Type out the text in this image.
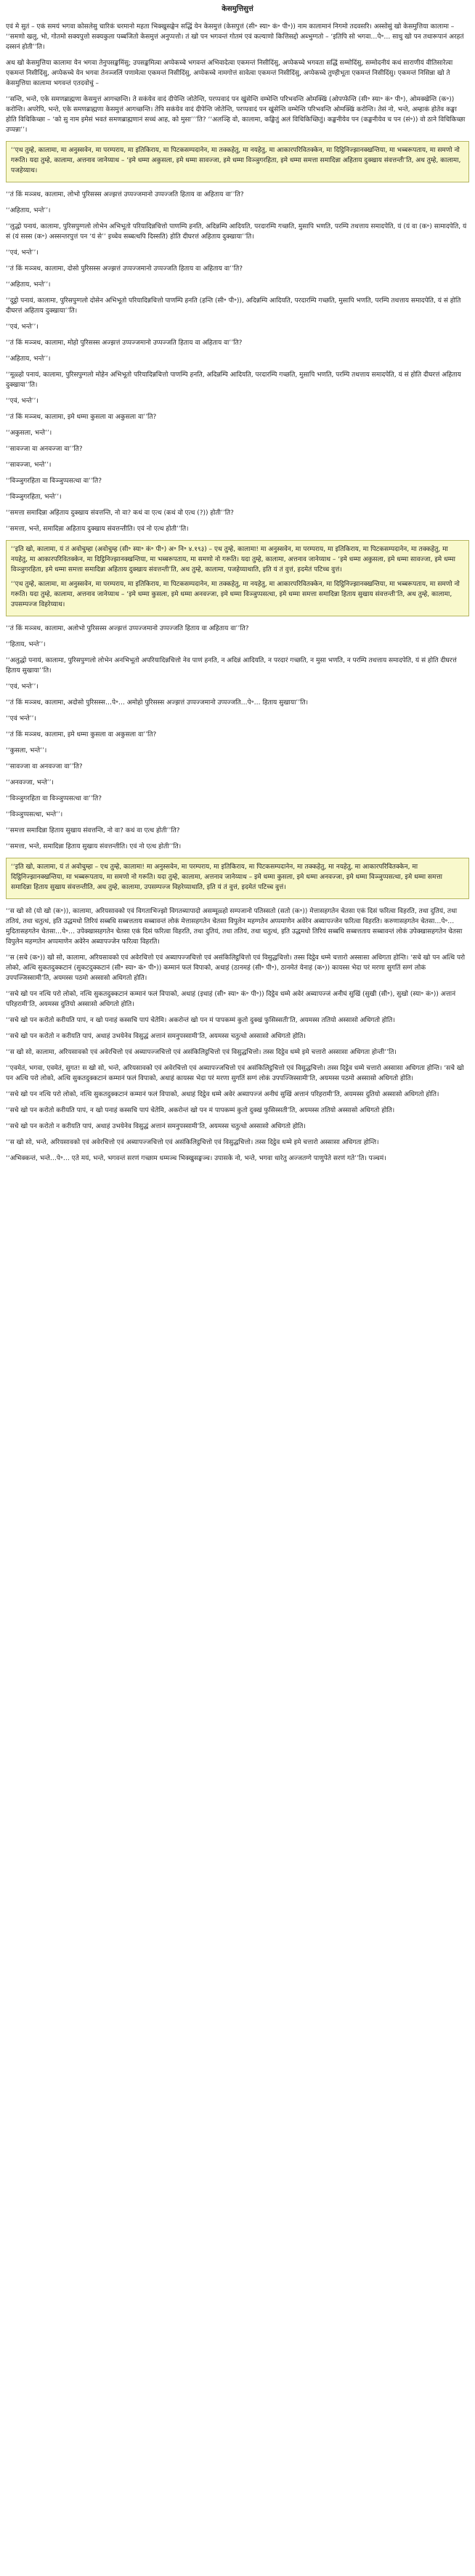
केसमुत्तिसुत्तं

एवं मे सुतं – एकं समयं भगवा कोसलेसु चारिकं चरमानो महता भिक्खुसङ्घेन सद्धिं येन केसमुत्तं (केसपुत्तं (सी॰ स्या॰ कं॰ पी॰)) नाम कालामानं निगमो तदवसरि। अस्सोसुं खो केसमुत्तिया कालामा – ‘‘समणो खलु, भो, गोतमो सक्यपुत्तो सक्यकुला पब्बजितो केसमुत्तं अनुप्पत्तो। तं खो पन भगवन्तं गोतमं एवं कल्याणो कित्तिसद्दो अब्भुग्गतो – ‘इतिपि सो भगवा…पे॰… साधु खो पन तथारूपानं अरहतं दस्सनं होती’’ति।

अथ खो केसमुत्तिया कालामा येन भगवा तेनुपसङ्कमिंसु; उपसङ्कमित्वा अप्पेकच्चे भगवन्तं अभिवादेत्वा एकमन्तं निसीदिंसु, अप्पेकच्चे भगवता सद्धिं सम्मोदिंसु, सम्मोदनीयं कथं साराणीयं वीतिसारेत्वा एकमन्तं निसीदिंसु, अप्पेकच्चे येन भगवा तेनञ्जलिं पणामेत्वा एकमन्तं निसीदिंसु, अप्पेकच्चे नामगोत्तं सावेत्वा एकमन्तं निसीदिंसु, अप्पेकच्चे तुण्हीभूता एकमन्तं निसीदिंसु। एकमन्तं निसिन्ना खो ते केसमुत्तिया कालामा भगवन्तं एतदवोचुं –

‘‘सन्ति, भन्ते, एके समणब्राह्मणा केसमुत्तं आगच्छन्ति। ते सकंयेव वादं दीपेन्ति जोतेन्ति, परप्पवादं पन खुंसेन्ति वम्भेन्ति परिभवन्ति ओमक्खिं (ओपप्फेन्ति (सी॰ स्या॰ कं॰ पी॰), ओमक्खेन्ति (क॰)) करोन्ति। अपरेपि, भन्ते, एके समणब्राह्मणा केसमुत्तं आगच्छन्ति। तेपि सकंयेव वादं दीपेन्ति जोतेन्ति, परप्पवादं पन खुंसेन्ति वम्भेन्ति परिभवन्ति ओमक्खिं करोन्ति। तेसं नो, भन्ते, अम्हाकं होतेव कङ्खा होति विचिकिच्छा – ‘को सु नाम इमेसं भवतं समणब्राह्मणानं सच्चं आह, को मुसा’’’ति? ‘‘अलञ्हि वो, कालामा, कङ्खितुं अलं विचिकिच्छितुं। कङ्खनीयेव पन (कङ्खनीयेव च पन (सं॰)) वो ठाने विचिकिच्छा उप्पन्ना’’।

‘‘एथ तुम्हे, कालामा, मा अनुस्सवेन, मा परम्पराय, मा इतिकिराय, मा पिटकसम्पदानेन, मा तक्कहेतु, मा नयहेतु, मा आकारपरिवितक्केन, मा दिट्ठिनिज्झानक्खन्तिया, मा भब्बरूपताय, मा समणो नो गरूति। यदा तुम्हे, कालामा, अत्तनाव जानेय्याथ – ‘इमे धम्मा अकुसला, इमे धम्मा सावज्जा, इमे धम्मा विञ्ञुगरहिता, इमे धम्मा समत्ता समादिन्ना अहिताय दुक्खाय संवत्तन्ती’ति, अथ तुम्हे, कालामा, पजहेय्याथ।

‘‘तं किं मञ्ञथ, कालामा, लोभो पुरिसस्स अज्झत्तं उप्पज्जमानो उप्पज्जति हिताय वा अहिताय वा’’ति?

‘‘अहिताय, भन्ते’’।

‘‘लुद्धो पनायं, कालामा, पुरिसपुग्गलो लोभेन अभिभूतो परियादिन्नचित्तो पाणम्पि हनति, अदिन्नम्पि आदियति, परदारम्पि गच्छति, मुसापि भणति, परम्पि तथत्ताय समादपेति, यं (यं वा (क॰) सामादपेति, यं सं (यं सस्स (क॰) अस्सन्तरपुत्तं पन ‘यं से’’ इच्चेव सब्बत्थपि दिस्सति) होति दीघरत्तं अहिताय दुक्खाया’’ति।

‘‘एवं, भन्ते’’।

‘‘तं किं मञ्ञथ, कालामा, दोसो पुरिसस्स अज्झत्तं उप्पज्जमानो उप्पज्जति हिताय वा अहिताय वा’’ति?

‘‘अहिताय, भन्ते’’।

‘‘दुट्ठो पनायं, कालामा, पुरिसपुग्गलो दोसेन अभिभूतो परियादिन्नचित्तो पाणम्पि हनति (हन्ति (सी॰ पी॰)), अदिन्नम्पि आदियति, परदारम्पि गच्छति, मुसापि भणति, परम्पि तथत्ताय समादपेति, यं सं होति दीघरत्तं अहिताय दुक्खाया’’ति।

‘‘एवं, भन्ते’’।

‘‘तं किं मञ्ञथ, कालामा, मोहो पुरिसस्स अज्झत्तं उप्पज्जमानो उप्पज्जति हिताय वा अहिताय वा’’ति?

‘‘अहिताय, भन्ते’’।

‘‘मूळ्हो पनायं, कालामा, पुरिसपुग्गलो मोहेन अभिभूतो परियादिन्नचित्तो पाणम्पि हनति, अदिन्नम्पि आदियति, परदारम्पि गच्छति, मुसापि भणति, परम्पि तथत्ताय समादपेति, यं सं होति दीघरत्तं अहिताय दुक्खाया’’ति।

‘‘एवं, भन्ते’’।

‘‘तं किं मञ्ञथ, कालामा, इमे धम्मा कुसला वा अकुसला वा’’ति?

‘‘अकुसला, भन्ते’’।

‘‘सावज्जा वा अनवज्जा वा’’ति?

‘‘सावज्जा, भन्ते’’।

‘‘विञ्ञुगरहिता वा विञ्ञुप्पसत्था वा’’ति?

‘‘विञ्ञुगरहिता, भन्ते’’।

‘‘समत्ता समादिन्ना अहिताय दुक्खाय संवत्तन्ति, नो वा? कथं वा एत्थ (कथं वो एत्थ (?)) होती’’ति?

‘‘समत्ता, भन्ते, समादिन्ना अहिताय दुक्खाय संवत्तन्तीति। एवं नो एत्थ होती’’ति।

‘‘इति खो, कालामा, यं तं अवोचुम्हा (अवोचुम्ह (सी॰ स्या॰ कं॰ पी॰) अ॰ नि॰ ४.१९३) – एथ तुम्हे, कालामा! मा अनुस्सवेन, मा परम्पराय, मा इतिकिराय, मा पिटकसम्पदानेन, मा तक्कहेतु, मा नयहेतु, मा आकारपरिवितक्केन, मा दिट्ठिनिज्झानक्खन्तिया, मा भब्बरूपताय, मा समणो नो गरूति। यदा तुम्हे, कालामा, अत्तनाव जानेय्याथ – ‘इमे धम्मा अकुसला, इमे धम्मा सावज्जा, इमे धम्मा विञ्ञुगरहिता, इमे धम्मा समत्ता समादिन्ना अहिताय दुक्खाय संवत्तन्ती’ति, अथ तुम्हे, कालामा, पजहेय्याथाति, इति यं तं वुत्तं, इदमेतं पटिच्च वुत्तं।

‘‘एथ तुम्हे, कालामा, मा अनुस्सवेन, मा परम्पराय, मा इतिकिराय, मा पिटकसम्पदानेन, मा तक्कहेतु, मा नयहेतु, मा आकारपरिवितक्केन, मा दिट्ठिनिज्झानक्खन्तिया, मा भब्बरूपताय, मा समणो नो गरूति। यदा तुम्हे, कालामा, अत्तनाव जानेय्याथ – ‘इमे धम्मा कुसला, इमे धम्मा अनवज्जा, इमे धम्मा विञ्ञुप्पसत्था, इमे धम्मा समत्ता समादिन्ना हिताय सुखाय संवत्तन्ती’ति, अथ तुम्हे, कालामा, उपसम्पज्ज विहरेय्याथ।

‘‘तं किं मञ्ञथ, कालामा, अलोभो पुरिसस्स अज्झत्तं उप्पज्जमानो उप्पज्जति हिताय वा अहिताय वा’’ति?

‘‘हिताय, भन्ते’’।

‘‘अलुद्धो पनायं, कालामा, पुरिसपुग्गलो लोभेन अनभिभूतो अपरियादिन्नचित्तो नेव पाणं हनति, न अदिन्नं आदियति, न परदारं गच्छति, न मुसा भणति, न परम्पि तथत्ताय समादपेति, यं सं होति दीघरत्तं हिताय सुखाया’’ति।

‘‘एवं, भन्ते’’।

‘‘तं किं मञ्ञथ, कालामा, अदोसो पुरिसस्स…पे॰… अमोहो पुरिसस्स अज्झत्तं उप्पज्जमानो उप्पज्जति…पे॰… हिताय सुखाया’’ति।

‘‘एवं भन्ते’’।

‘‘तं किं मञ्ञथ, कालामा, इमे धम्मा कुसला वा अकुसला वा’’ति?

‘‘कुसला, भन्ते’’।

‘‘सावज्जा वा अनवज्जा वा’’ति?

‘‘अनवज्जा, भन्ते’’।

‘‘विञ्ञुगरहिता वा विञ्ञुप्पसत्था वा’’ति?

‘‘विञ्ञुप्पसत्था, भन्ते’’।

‘‘समत्ता समादिन्ना हिताय सुखाय संवत्तन्ति, नो वा? कथं वा एत्थ होती’’ति?

‘‘समत्ता, भन्ते, समादिन्ना हिताय सुखाय संवत्तन्तीति। एवं नो एत्थ होती’’ति।

‘‘इति खो, कालामा, यं तं अवोचुम्हा – एथ तुम्हे, कालामा! मा अनुस्सवेन, मा परम्पराय, मा इतिकिराय, मा पिटकसम्पदानेन, मा तक्कहेतु, मा नयहेतु, मा आकारपरिवितक्केन, मा दिट्ठिनिज्झानक्खन्तिया, मा भब्बरूपताय, मा समणो नो गरूति। यदा तुम्हे, कालामा, अत्तनाव जानेय्याथ – इमे धम्मा कुसला, इमे धम्मा अनवज्जा, इमे धम्मा विञ्ञुप्पसत्था, इमे धम्मा समत्ता समादिन्ना हिताय सुखाय संवत्तन्तीति, अथ तुम्हे, कालामा, उपसम्पज्ज विहरेय्याथाति, इति यं तं वुत्तं, इदमेतं पटिच्च वुत्तं।

‘‘स खो सो (यो खो (क॰)), कालामा, अरियसावको एवं विगताभिज्झो विगतब्यापादो असम्मूळ्हो सम्पजानो पतिस्सतो (सतो (क॰)) मेत्तासहगतेन चेतसा एकं दिसं फरित्वा विहरति, तथा दुतियं, तथा ततियं, तथा चतुत्थं, इति उद्धमधो तिरियं सब्बधि सब्बत्तताय सब्बावन्तं लोकं मेत्तासहगतेन चेतसा विपुलेन महग्गतेन अप्पमाणेन अवेरेन अब्यापज्जेन फरित्वा विहरति। करुणासहगतेन चेतसा…पे॰… मुदितासहगतेन चेतसा…पे॰… उपेक्खासहगतेन चेतसा एकं दिसं फरित्वा विहरति, तथा दुतियं, तथा ततियं, तथा चतुत्थं, इति उद्धमधो तिरियं सब्बधि सब्बत्तताय सब्बावन्तं लोकं उपेक्खासहगतेन चेतसा विपुलेन महग्गतेन अप्पमाणेन अवेरेन अब्यापज्जेन फरित्वा विहरति।

‘‘स (सचे (क॰)) खो सो, कालामा, अरियसावको एवं अवेरचित्तो एवं अब्यापज्जचित्तो एवं असंकिलिट्ठचित्तो एवं विसुद्धचित्तो। तस्स दिट्ठेव धम्मे चत्तारो अस्सासा अधिगता होन्ति। ‘सचे खो पन अत्थि परो लोको, अत्थि सुकतदुक्कटानं (सुकटदुक्कटानं (सी॰ स्या॰ कं॰ पी॰)) कम्मानं फलं विपाको, अथाहं (ठानमहं (सी॰ पी॰), ठानमेतं येनाहं (क॰)) कायस्स भेदा परं मरणा सुगतिं सग्गं लोकं उपपज्जिस्सामी’ति, अयमस्स पठमो अस्सासो अधिगतो होति।

‘‘सचे खो पन नत्थि परो लोको, नत्थि सुकतदुक्कटानं कम्मानं फलं विपाको, अथाहं (इधाहं (सी॰ स्या॰ कं॰ पी॰)) दिट्ठेव धम्मे अवेरं अब्यापज्जं अनीघं सुखिं (सुखी (सी॰), सुखो (स्या॰ कं॰)) अत्तानं परिहरामी’ति, अयमस्स दुतियो अस्सासो अधिगतो होति।

‘‘सचे खो पन करोतो करीयति पापं, न खो पनाहं कस्सचि पापं चेतेमि। अकरोन्तं खो पन मं पापकम्मं कुतो दुक्खं फुसिस्सती’ति, अयमस्स ततियो अस्सासो अधिगतो होति।

‘‘सचे खो पन करोतो न करीयति पापं, अथाहं उभयेनेव विसुद्धं अत्तानं समनुपस्सामी’ति, अयमस्स चतुत्थो अस्सासो अधिगतो होति।

‘‘स खो सो, कालामा, अरियसावको एवं अवेरचित्तो एवं अब्यापज्जचित्तो एवं असंकिलिट्ठचित्तो एवं विसुद्धचित्तो। तस्स दिट्ठेव धम्मे इमे चत्तारो अस्सासा अधिगता होन्ती’’ति।

‘‘एवमेतं, भगवा, एवमेतं, सुगत! स खो सो, भन्ते, अरियसावको एवं अवेरचित्तो एवं अब्यापज्जचित्तो एवं असंकिलिट्ठचित्तो एवं विसुद्धचित्तो। तस्स दिट्ठेव धम्मे चत्तारो अस्सासा अधिगता होन्ति। ‘सचे खो पन अत्थि परो लोको, अत्थि सुकतदुक्कटानं कम्मानं फलं विपाको, अथाहं कायस्स भेदा परं मरणा सुगतिं सग्गं लोकं उपपज्जिस्सामी’ति, अयमस्स पठमो अस्सासो अधिगतो होति।

‘‘सचे खो पन नत्थि परो लोको, नत्थि सुकतदुक्कटानं कम्मानं फलं विपाको, अथाहं दिट्ठेव धम्मे अवेरं अब्यापज्जं अनीघं सुखिं अत्तानं परिहरामी’ति, अयमस्स दुतियो अस्सासो अधिगतो होति।

‘‘सचे खो पन करोतो करीयति पापं, न खो पनाहं कस्सचि पापं चेतेमि, अकरोन्तं खो पन मं पापकम्मं कुतो दुक्खं फुसिस्सती’ति, अयमस्स ततियो अस्सासो अधिगतो होति।

‘‘सचे खो पन करोतो न करीयति पापं, अथाहं उभयेनेव विसुद्धं अत्तानं समनुपस्सामी’ति, अयमस्स चतुत्थो अस्सासो अधिगतो होति।

‘‘स खो सो, भन्ते, अरियसावको एवं अवेरचित्तो एवं अब्यापज्जचित्तो एवं असंकिलिट्ठचित्तो एवं विसुद्धचित्तो। तस्स दिट्ठेव धम्मे इमे चत्तारो अस्सासा अधिगता होन्ति।

‘‘अभिक्कन्तं, भन्ते…पे॰… एते मयं, भन्ते, भगवन्तं सरणं गच्छाम धम्मञ्च भिक्खुसङ्घञ्च। उपासके नो, भन्ते, भगवा धारेतु अज्जतग्गे पाणुपेते सरणं गते’’ति। पञ्चमं।
